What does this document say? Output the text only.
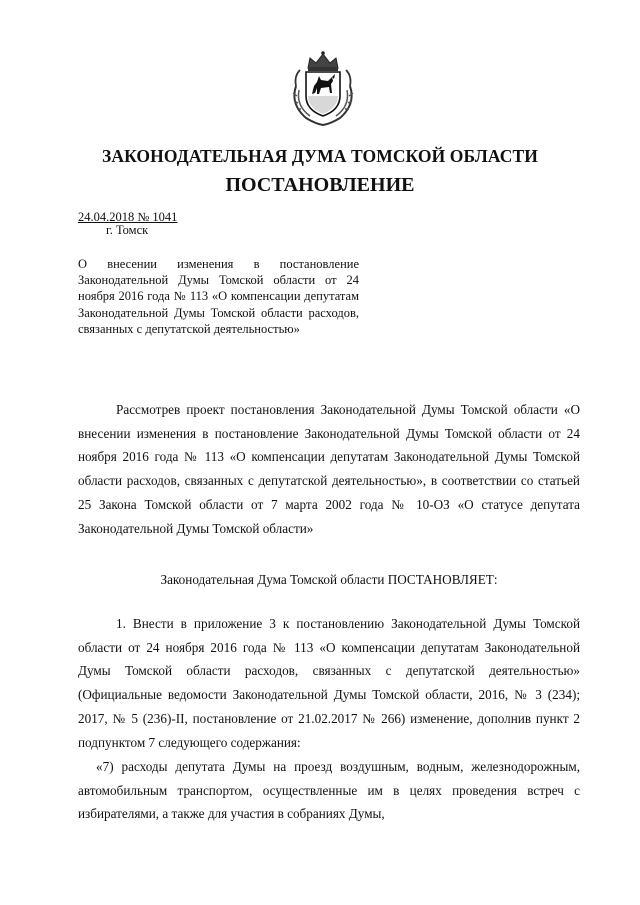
ЗАКОНОДАТЕЛЬНАЯ ДУМА ТОМСКОЙ ОБЛАСТИ
ПОСТАНОВЛЕНИЕ
24.04.2018 № 1041
г. Томск
О внесении изменения в постановление Законодательной Думы Томской области от 24 ноября 2016 года № 113 «О компенсации депутатам Законодательной Думы Томской области расходов, связанных с депутатской деятельностью»
Рассмотрев проект постановления Законодательной Думы Томской области «О внесении изменения в постановление Законодательной Думы Томской области от 24 ноября 2016 года № 113 «О компенсации депутатам Законодательной Думы Томской области расходов, связанных с депутатской деятельностью», в соответствии со статьей 25 Закона Томской области от 7 марта 2002 года № 10-ОЗ «О статусе депутата Законодательной Думы Томской области»
Законодательная Дума Томской области ПОСТАНОВЛЯЕТ:
1. Внести в приложение 3 к постановлению Законодательной Думы Томской области от 24 ноября 2016 года № 113 «О компенсации депутатам Законодательной Думы Томской области расходов, связанных с депутатской деятельностью» (Официальные ведомости Законодательной Думы Томской области, 2016, № 3 (234); 2017, № 5 (236)-II, постановление от 21.02.2017 № 266) изменение, дополнив пункт 2 подпунктом 7 следующего содержания:
«7) расходы депутата Думы на проезд воздушным, водным, железнодорожным, автомобильным транспортом, осуществленные им в целях проведения встреч с избирателями, а также для участия в собраниях Думы,
